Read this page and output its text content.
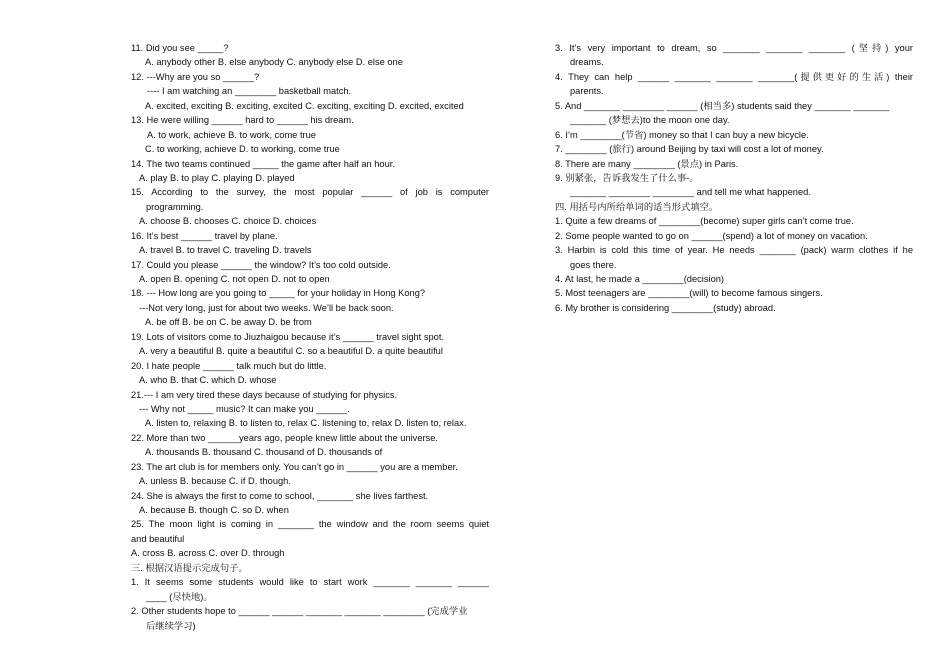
11. Did you see _____?
A. anybody other B. else anybody C. anybody else D. else one
12. ---Why are you so ______?
---- I am watching an ________ basketball match.
A. excited, exciting B. exciting, excited C. exciting, exciting D. excited, excited
13. He were willing ______ hard to ______ his dream.
A. to work, achieve B. to work, come true
C. to working, achieve D. to working, come true
14. The two teams continued _____ the game after half an hour.
A. play B. to play C. playing D. played
15. According to the survey, the most popular ______ of job is computer
programming.
A. choose B. chooses C. choice D. choices
16. It’s best ______ travel by plane.
A. travel B. to travel C. traveling D. travels
17. Could you please ______ the window? It’s too cold outside.
A. open B. opening C. not open D. not to open
18. --- How long are you going to _____ for your holiday in Hong Kong?
---Not very long, just for about two weeks. We’ll be back soon.
A. be off B. be on C. be away D. be from
19. Lots of visitors come to Jiuzhaigou because it’s ______ travel sight spot.
A. very a beautiful B. quite a beautiful C. so a beautiful D. a quite beautiful
20. I hate people ______ talk much but do little.
A. who B. that C. which D. whose
21.--- I am very tired these days because of studying for physics.
--- Why not _____ music? It can make you ______.
A. listen to, relaxing B. to listen to, relax C. listening to, relax D. listen to, relax.
22. More than two ______years ago, people knew little about the universe.
A. thousands B. thousand C. thousand of D. thousands of
23. The art club is for members only. You can’t go in ______ you are a member.
A. unless B. because C. if D. though.
24. She is always the first to come to school, _______ she lives farthest.
A. because B. though C. so D. when
25. The moon light is coming in _______ the window and the room seems quiet
and beautiful
A. cross B. across C. over D. through
三. 根据汉语提示完成句子。
1. It seems some students would like to start work _______ _______ ______
____ (尽快地)。
2. Other students hope to ______ ______ _______ _______ ________ (完成学业
后继续学习)
3. It’s very important to dream, so _______ _______ _______ (坚持) your
dreams.
4. They can help ______ _______ _______ _______(提供更好的生活) their
parents.
5. And _______ ________ ______ (相当多) students said they _______ _______
_______ (梦想去)to the moon one day.
6. I’m ________(节省) money so that I can buy a new bicycle.
7. ________ (旅行) around Beijing by taxi will cost a lot of money.
8. There are many ________ (景点) in Paris.
9. 别紧张，告诉我发生了什么事-。
_______ ________ ________ and tell me what happened.
四. 用括号内所给单词的适当形式填空。
1. Quite a few dreams of ________(become) super girls can’t come true.
2. Some people wanted to go on ______(spend) a lot of money on vacation.
3. Harbin is cold this time of year. He needs _______ (pack) warm clothes if he
goes there.
4. At last, he made a ________(decision)
5. Most teenagers are ________(will) to become famous singers.
6. My brother is considering ________(study) abroad.
